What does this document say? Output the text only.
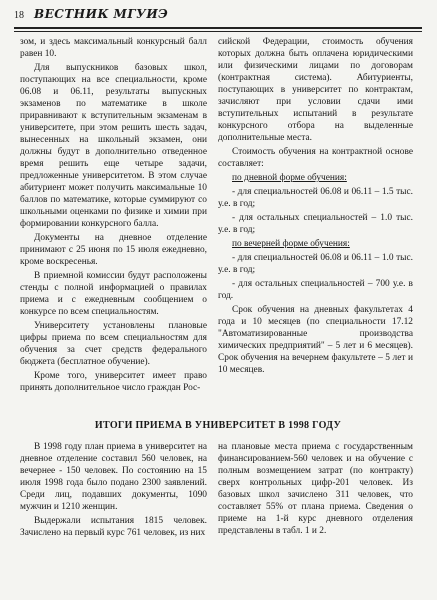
18 ВЕСТНИК МГУИЭ

зом, и здесь максимальный конкурсный балл равен 10.

Для выпускников базовых школ, поступающих на все специальности, кроме 06.08 и 06.11, результаты выпускных экзаменов по математике в школе приравнивают к вступительным экзаменам в университете, при этом решить шесть задач, вынесенных на школьный экзамен, они должны будут в дополнительно отведенное время решить еще четыре задачи, предложенные университетом. В этом случае абитуриент может получить максимальные 10 баллов по математике, которые суммируют со школьными оценками по физике и химии при формировании конкурсного балла.

Документы на дневное отделение принимают с 25 июня по 15 июля ежедневно, кроме воскресенья.

В приемной комиссии будут расположены стенды с полной информацией о правилах приема и с ежедневным сообщением о конкурсе по всем специальностям.

Университету установлены плановые цифры приема по всем специальностям для обучения за счет средств федерального бюджета (бесплатное обучение).

Кроме того, университет имеет право принять дополнительное число граждан Рос-

сийской Федерации, стоимость обучения которых должна быть оплачена юридическими или физическими лицами по договорам (контрактная система). Абитуриенты, поступающих в университет по контрактам, зачисляют при условии сдачи ими вступительных испытаний в результате конкурсного отбора на выделенные дополнительные места.

Стоимость обучения на контрактной основе составляет:

по дневной форме обучения:

- для специальностей 06.08 и 06.11 – 1.5 тыс. у.е. в год;

- для остальных специальностей – 1.0 тыс. у.е. в год;

по вечерней форме обучения:

- для специальностей 06.08 и 06.11 – 1.0 тыс. у.е. в год;

- для остальных специальностей – 700 у.е. в год.

Срок обучения на дневных факультетах 4 года и 10 месяцев (по специальности 17.12 "Автоматизированные производства химических предприятий" – 5 лет и 6 месяцев). Срок обучения на вечернем факультете – 5 лет и 10 месяцев.

ИТОГИ ПРИЕМА В УНИВЕРСИТЕТ В 1998 ГОДУ

В 1998 году план приема в университет на дневное отделение составил 560 человек, на вечернее - 150 человек. По состоянию на 15 июля 1998 года было подано 2300 заявлений. Среди лиц, подавших документы, 1090 мужчин и 1210 женщин.

Выдержали испытания 1815 человек. Зачислено на первый курс 761 человек, из них

на плановые места приема с государственным финансированием-560 человек и на обучение с полным возмещением затрат (по контракту) сверх контрольных цифр-201 человек. Из базовых школ зачислено 311 человек, что составляет 55% от плана приема. Сведения о приеме на 1-й курс дневного отделения представлены в табл. 1 и 2.
